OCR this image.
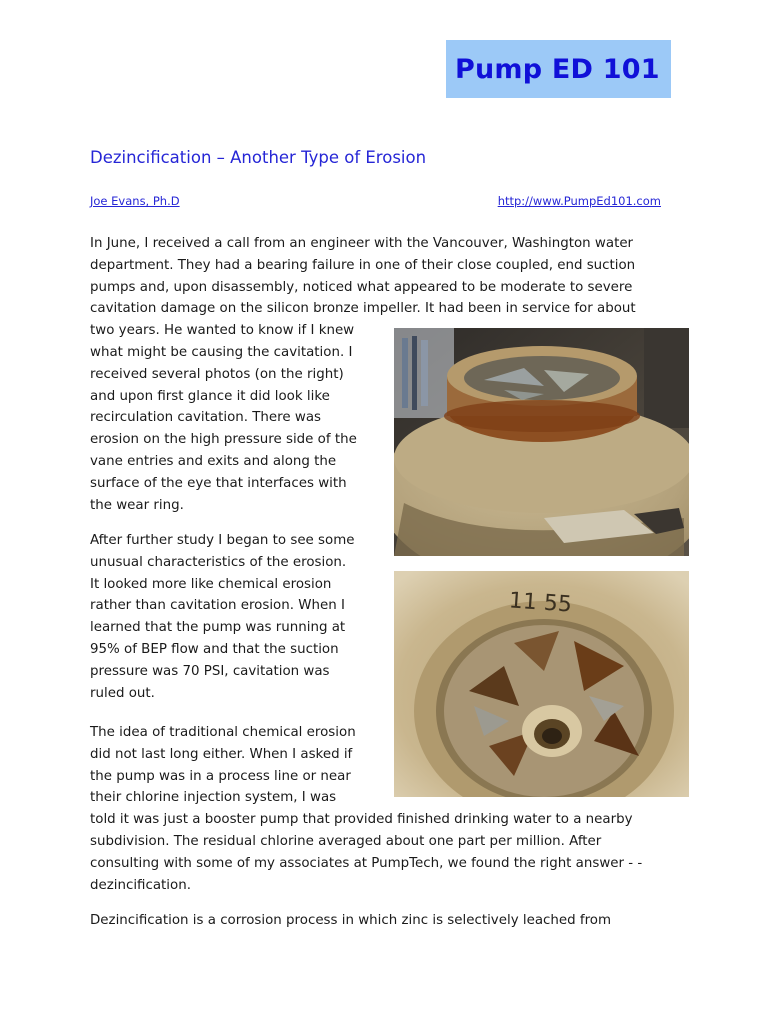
Pump ED 101
Dezincification – Another Type of Erosion
Joe Evans, Ph.D	http://www.PumpEd101.com
In June, I received a call from an engineer with the Vancouver, Washington water
department. They had a bearing failure in one of their close coupled, end suction
pumps and, upon disassembly, noticed what appeared to be moderate to severe
cavitation damage on the silicon bronze impeller. It had been in service for about
two years. He wanted to know if I knew
what might be causing the cavitation. I
received several photos (on the right)
and upon first glance it did look like
recirculation cavitation. There was
erosion on the high pressure side of the
vane entries and exits and along the
surface of the eye that interfaces with
the wear ring.
After further study I began to see some
unusual characteristics of the erosion.
It looked more like chemical erosion
rather than cavitation erosion. When I
learned that the pump was running at
95% of BEP flow and that the suction
pressure was 70 PSI, cavitation was
ruled out.
The idea of traditional chemical erosion
did not last long either. When I asked if
the pump was in a process line or near
their chlorine injection system, I was
told it was just a booster pump that provided finished drinking water to a nearby
subdivision. The residual chlorine averaged about one part per million. After
consulting with some of my associates at PumpTech, we found the right answer - -
dezincification.
Dezincification is a corrosion process in which zinc is selectively leached from
11 55
